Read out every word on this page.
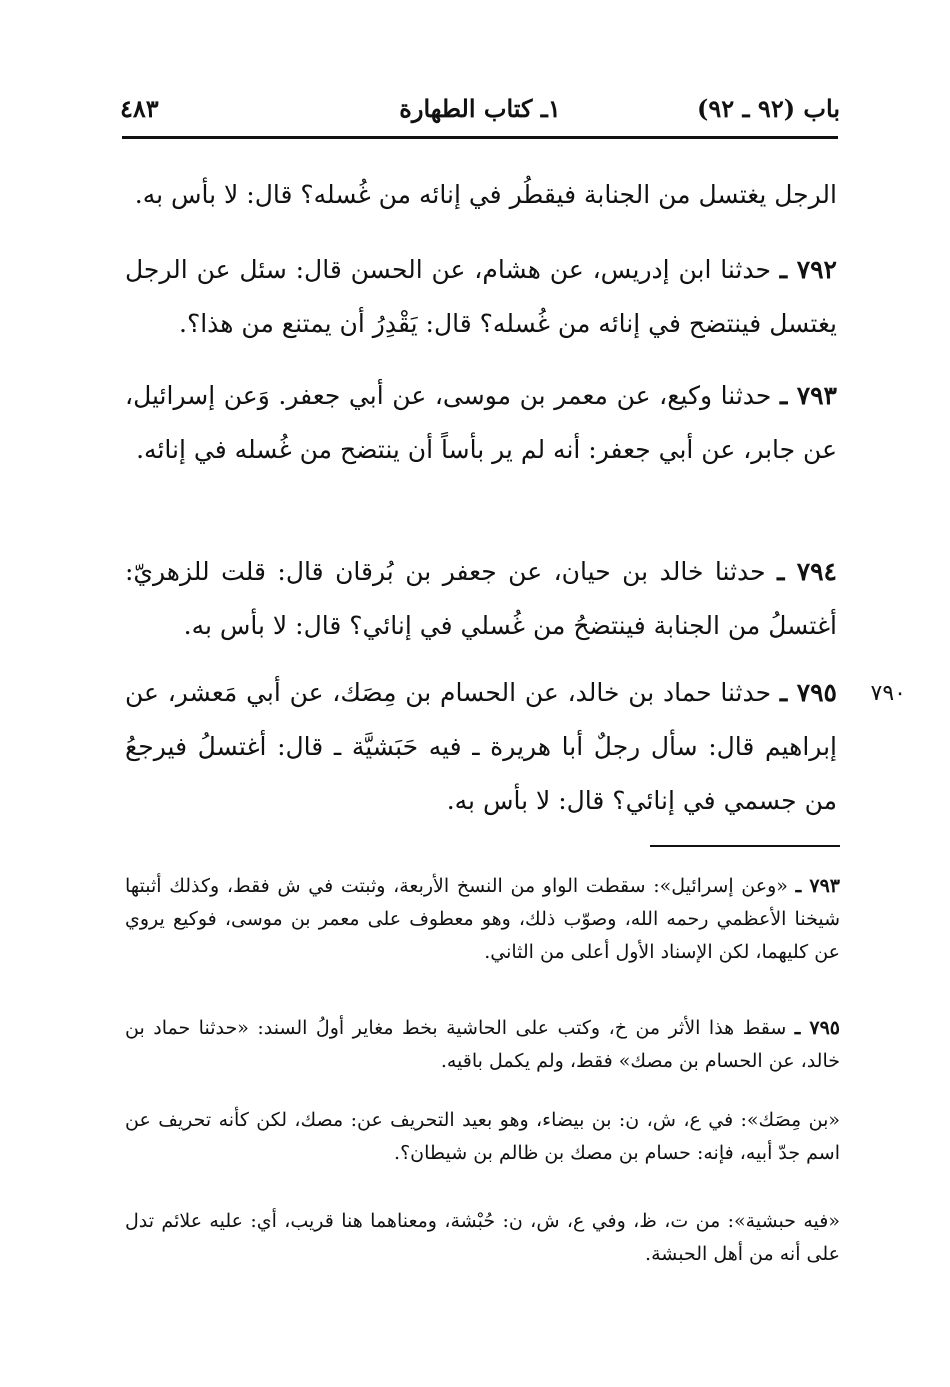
باب (٩٢ ـ ٩٢)
١ـ كتاب الطهارة
٤٨٣
الرجل يغتسل من الجنابة فيقطُر في إنائه من غُسله؟ قال: لا بأس به.
٧٩٢ ـ حدثنا ابن إدريس، عن هشام، عن الحسن قال: سئل عن الرجل يغتسل فينتضح في إنائه من غُسله؟ قال: يَقْدِرُ أن يمتنع من هذا؟.
٧٩٣ ـ حدثنا وكيع، عن معمر بن موسى، عن أبي جعفر. وَعن إسرائيل، عن جابر، عن أبي جعفر: أنه لم ير بأساً أن ينتضح من غُسله في إنائه.
٧٩٤ ـ حدثنا خالد بن حيان، عن جعفر بن بُرقان قال: قلت للزهريّ: أغتسلُ من الجنابة فينتضحُ من غُسلي في إنائي؟ قال: لا بأس به.
٧٩٥ ـ حدثنا حماد بن خالد، عن الحسام بن مِصَك، عن أبي مَعشر، عن إبراهيم قال: سأل رجلٌ أبا هريرة ـ فيه حَبَشيَّة ـ قال: أغتسلُ فيرجعُ من جسمي في إنائي؟ قال: لا بأس به.
٧٩٠
٧٩٣ ـ «وعن إسرائيل»: سقطت الواو من النسخ الأربعة، وثبتت في ش فقط، وكذلك أثبتها شيخنا الأعظمي رحمه الله، وصوّب ذلك، وهو معطوف على معمر بن موسى، فوكيع يروي عن كليهما، لكن الإسناد الأول أعلى من الثاني.
٧٩٥ ـ سقط هذا الأثر من خ، وكتب على الحاشية بخط مغاير أولُ السند: «حدثنا حماد بن خالد، عن الحسام بن مصك» فقط، ولم يكمل باقيه.
«بن مِصَك»: في ع، ش، ن: بن بيضاء، وهو بعيد التحريف عن: مصك، لكن كأنه تحريف عن اسم جدّ أبيه، فإنه: حسام بن مصك بن ظالم بن شيطان؟.
«فيه حبشية»: من ت، ظ، وفي ع، ش، ن: حُبْشة، ومعناهما هنا قريب، أي: عليه علائم تدل على أنه من أهل الحبشة.
